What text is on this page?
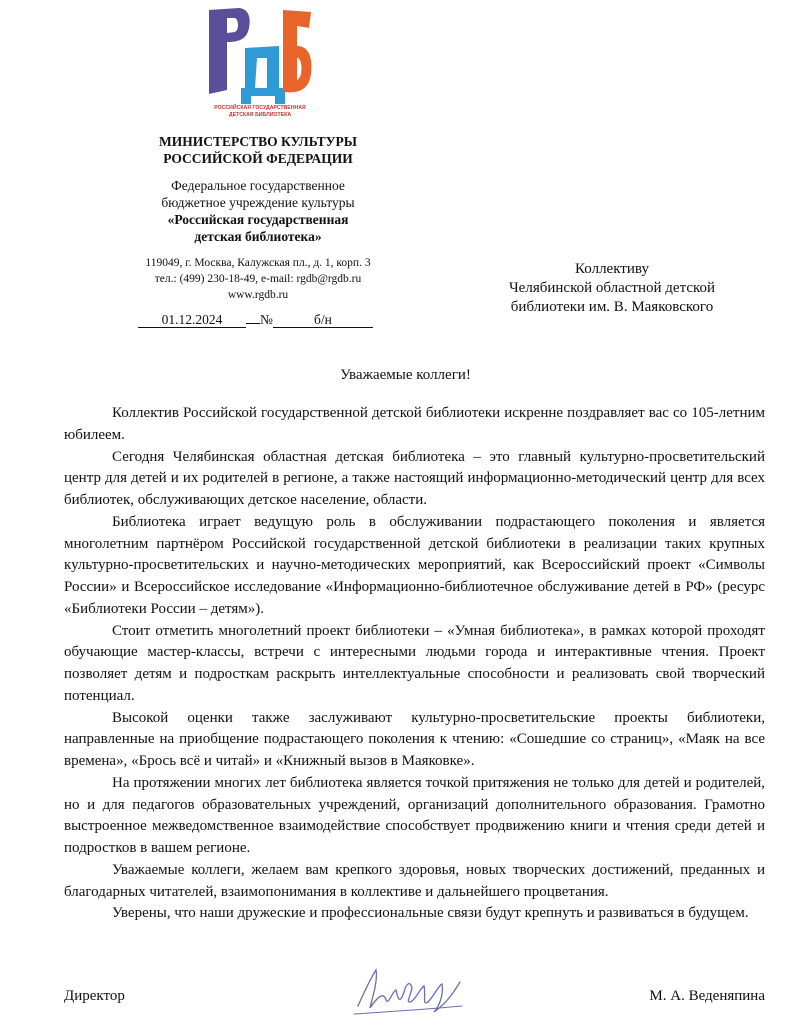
РОССИЙСКАЯ ГОСУДАРСТВЕННАЯ
ДЕТСКАЯ БИБЛИОТЕКА
МИНИСТЕРСТВО КУЛЬТУРЫ
РОССИЙСКОЙ ФЕДЕРАЦИИ
Федеральное государственное
бюджетное учреждение культуры
«Российская государственная
детская библиотека»
119049, г. Москва, Калужская пл., д. 1, корп. 3
тел.: (499) 230-18-49, e-mail: rgdb@rgdb.ru
www.rgdb.ru
01.12.2024	№	б/н
Коллективу
Челябинской областной детской
библиотеки им. В. Маяковского
Уважаемые коллеги!

Коллектив Российской государственной детской библиотеки искренне поздравляет вас со 105-летним юбилеем.

Сегодня Челябинская областная детская библиотека – это главный культурно-просветительский центр для детей и их родителей в регионе, а также настоящий информационно-методический центр для всех библиотек, обслуживающих детское население, области.

Библиотека играет ведущую роль в обслуживании подрастающего поколения и является многолетним партнёром Российской государственной детской библиотеки в реализации таких крупных культурно-просветительских и научно-методических мероприятий, как Всероссийский проект «Символы России» и Всероссийское исследование «Информационно-библиотечное обслуживание детей в РФ» (ресурс «Библиотеки России – детям»).

Стоит отметить многолетний проект библиотеки – «Умная библиотека», в рамках которой проходят обучающие мастер-классы, встречи с интересными людьми города и интерактивные чтения. Проект позволяет детям и подросткам раскрыть интеллектуальные способности и реализовать свой творческий потенциал.

Высокой оценки также заслуживают культурно-просветительские проекты библиотеки, направленные на приобщение подрастающего поколения к чтению: «Сошедшие со страниц», «Маяк на все времена», «Брось всё и читай» и «Книжный вызов в Маяковке».

На протяжении многих лет библиотека является точкой притяжения не только для детей и родителей, но и для педагогов образовательных учреждений, организаций дополнительного образования. Грамотно выстроенное межведомственное взаимодействие способствует продвижению книги и чтения среди детей и подростков в вашем регионе.

Уважаемые коллеги, желаем вам крепкого здоровья, новых творческих достижений, преданных и благодарных читателей, взаимопонимания в коллективе и дальнейшего процветания.

Уверены, что наши дружеские и профессиональные связи будут крепнуть и развиваться в будущем.

Директор	М. А. Веденяпина
